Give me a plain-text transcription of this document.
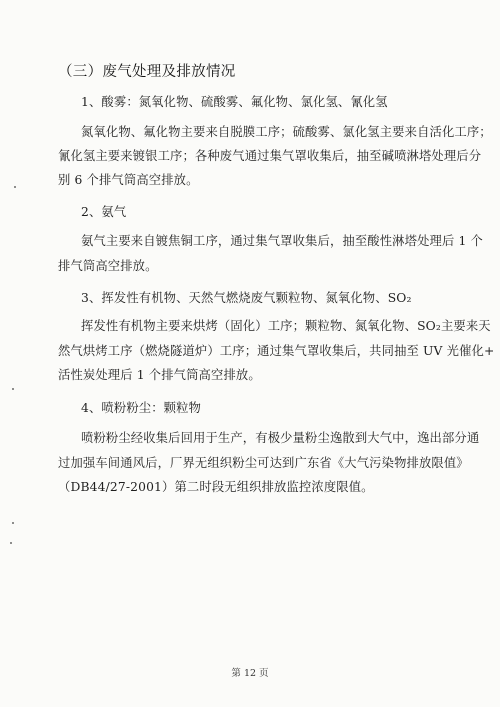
（三）废气处理及排放情况
1、酸雾：氮氧化物、硫酸雾、氟化物、氯化氢、氰化氢
氮氧化物、氟化物主要来自脱膜工序；硫酸雾、氯化氢主要来自活化工序；
氰化氢主要来镀银工序；各种废气通过集气罩收集后，抽至碱喷淋塔处理后分
别 6 个排气筒高空排放。
2、氨气
氨气主要来自镀焦铜工序，通过集气罩收集后，抽至酸性淋塔处理后 1 个
排气筒高空排放。
3、挥发性有机物、天然气燃烧废气颗粒物、氮氧化物、SO₂
挥发性有机物主要来烘烤（固化）工序；颗粒物、氮氧化物、SO₂主要来天
然气烘烤工序（燃烧隧道炉）工序；通过集气罩收集后，共同抽至 UV 光催化+
活性炭处理后 1 个排气筒高空排放。
4、喷粉粉尘：颗粒物
喷粉粉尘经收集后回用于生产，有极少量粉尘逸散到大气中，逸出部分通
过加强车间通风后，厂界无组织粉尘可达到广东省《大气污染物排放限值》
（DB44/27-2001）第二时段无组织排放监控浓度限值。
第 12 页
